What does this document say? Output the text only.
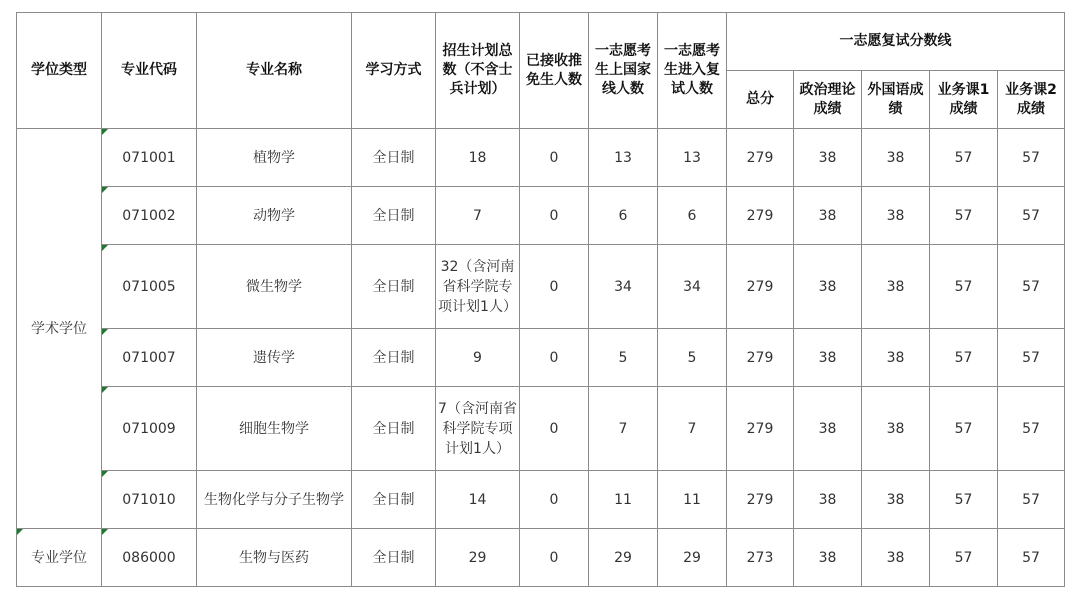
学位类型	专业代码	专业名称	学习方式	招生计划总数（不含士兵计划）	已接收推免生人数	一志愿考生上国家线人数	一志愿考生进入复试人数	一志愿复试分数线				
								总分	政治理论成绩	外国语成绩	业务课1成绩	业务课2成绩
学术学位	071001	植物学	全日制	18	0	13	13	279	38	38	57	57
	071002	动物学	全日制	7	0	6	6	279	38	38	57	57
	071005	微生物学	全日制	32（含河南省科学院专项计划1人）	0	34	34	279	38	38	57	57
	071007	遗传学	全日制	9	0	5	5	279	38	38	57	57
	071009	细胞生物学	全日制	7（含河南省科学院专项计划1人）	0	7	7	279	38	38	57	57
	071010	生物化学与分子生物学	全日制	14	0	11	11	279	38	38	57	57
专业学位	086000	生物与医药	全日制	29	0	29	29	273	38	38	57	57
